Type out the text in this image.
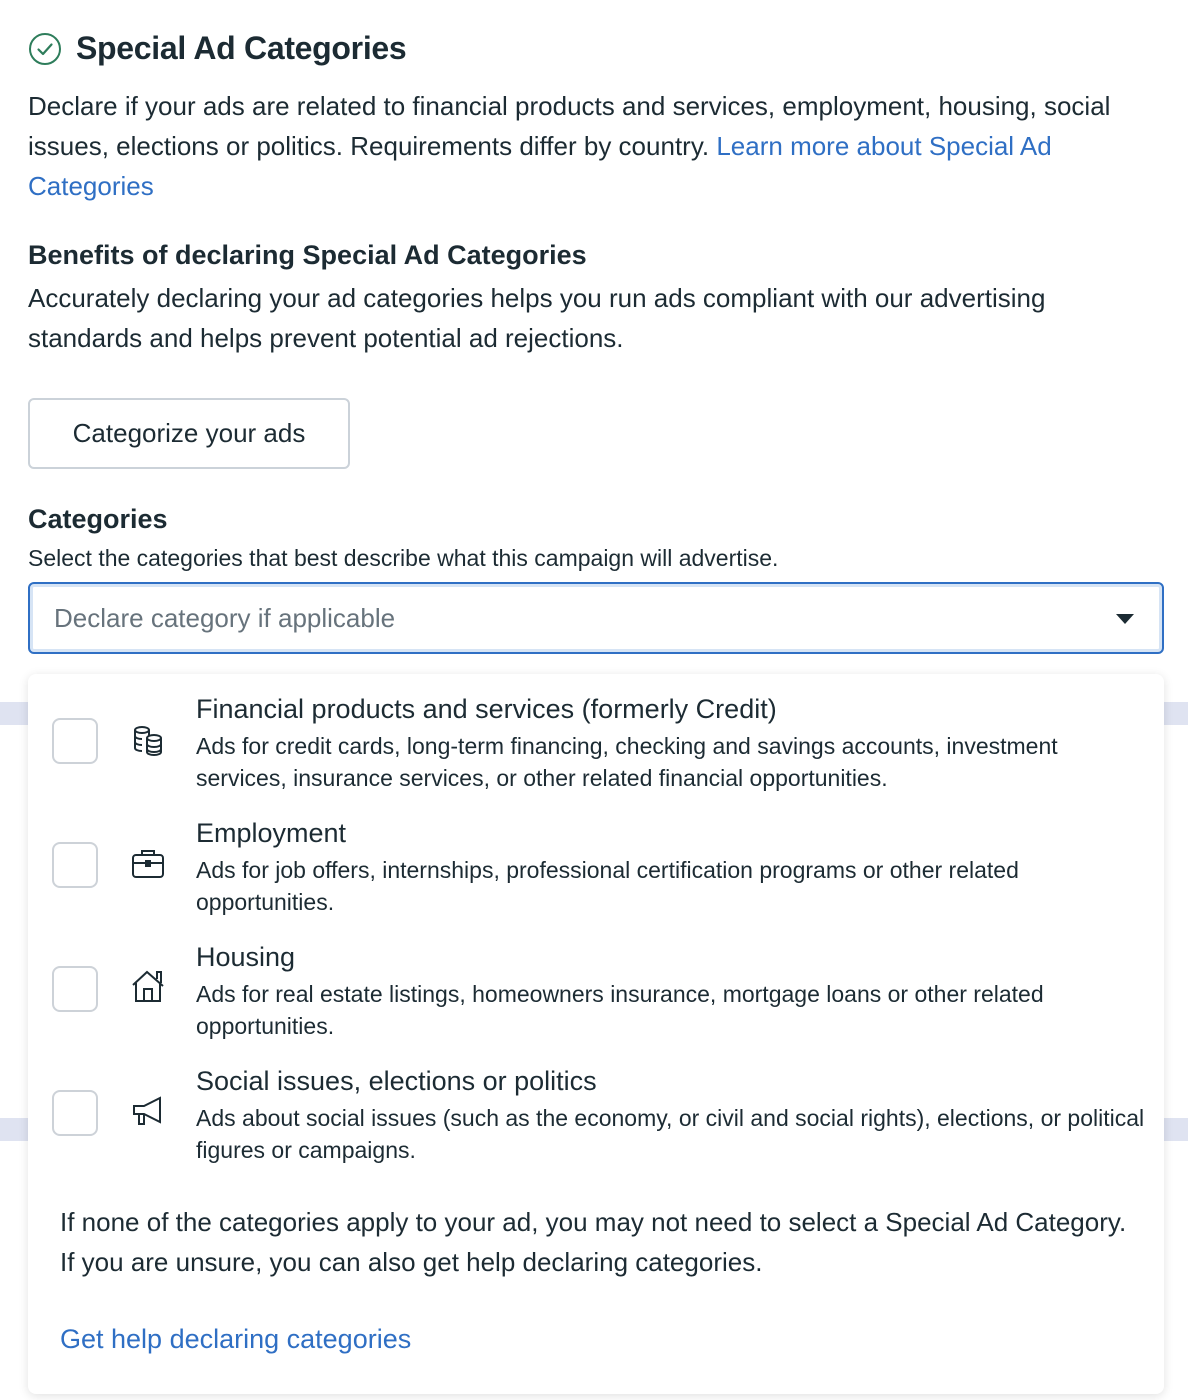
Special Ad Categories

Declare if your ads are related to financial products and services, employment, housing, social issues, elections or politics. Requirements differ by country. Learn more about Special Ad Categories

Benefits of declaring Special Ad Categories

Accurately declaring your ad categories helps you run ads compliant with our advertising standards and helps prevent potential ad rejections.

Categorize your ads
Categories

Select the categories that best describe what this campaign will advertise.

Declare category if applicable

Financial products and services (formerly Credit)

Ads for credit cards, long-term financing, checking and savings accounts, investment services, insurance services, or other related financial opportunities.

Employment

Ads for job offers, internships, professional certification programs or other related opportunities.

Housing

Ads for real estate listings, homeowners insurance, mortgage loans or other related opportunities.

Social issues, elections or politics

Ads about social issues (such as the economy, or civil and social rights), elections, or political figures or campaigns.

If none of the categories apply to your ad, you may not need to select a Special Ad Category. If you are unsure, you can also get help declaring categories.

Get help declaring categories
